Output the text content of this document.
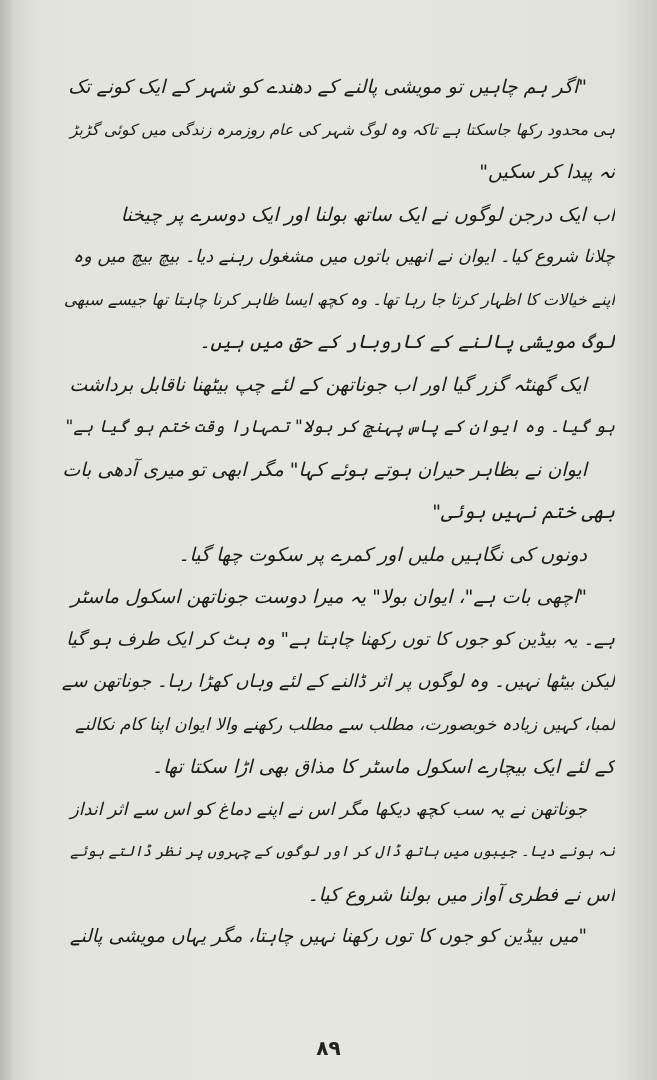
"اگر ہم چاہیں تو مویشی پالنے کے دھندے کو شہر کے ایک کونے تک
ہی محدود رکھا جاسکتا ہے تاکہ وہ لوگ شہر کی عام روزمرہ زندگی میں کوئی گڑبڑ
نہ پیدا کر سکیں"
اب ایک درجن لوگوں نے ایک ساتھ بولنا اور ایک دوسرے پر چیخنا
چلانا شروع کیا۔ ایوان نے انھیں باتوں میں مشغول رہنے دیا۔ بیچ بیچ میں وہ
اپنے خیالات کا اظہار کرتا جا رہا تھا۔ وہ کچھ ایسا ظاہر کرنا چاہتا تھا جیسے سبھی
لوگ مویشی پالنے کے کاروبار کے حق میں ہیں۔
ایک گھنٹہ گزر گیا اور اب جوناتھن کے لئے چپ بیٹھنا ناقابل برداشت
ہو گیا۔ وہ ایوان کے پاس پہنچ کر بولا" تمہارا وقت ختم ہو گیا ہے"
ایوان نے بظاہر حیران ہوتے ہوئے کہا" مگر ابھی تو میری آدھی بات
بھی ختم نہیں ہوئی"
دونوں کی نگاہیں ملیں اور کمرے پر سکوت چھا گیا۔
"اچھی بات ہے"، ایوان بولا" یہ میرا دوست جوناتھن اسکول ماسٹر
ہے۔ یہ بیڈین کو جوں کا توں رکھنا چاہتا ہے" وہ ہٹ کر ایک طرف ہو گیا
لیکن بیٹھا نہیں۔ وہ لوگوں پر اثر ڈالنے کے لئے وہاں کھڑا رہا۔ جوناتھن سے
لمبا، کہیں زیادہ خوبصورت، مطلب سے مطلب رکھنے والا ایوان اپنا کام نکالنے
کے لئے ایک بیچارے اسکول ماسٹر کا مذاق بھی اڑا سکتا تھا۔
جوناتھن نے یہ سب کچھ دیکھا مگر اس نے اپنے دماغ کو اس سے اثر انداز
نہ ہونے دیا۔ جیبوں میں ہاتھ ڈال کر اور لوگوں کے چہروں پر نظر ڈالتے ہوئے
اس نے فطری آواز میں بولنا شروع کیا۔
"میں بیڈین کو جوں کا توں رکھنا نہیں چاہتا، مگر یہاں مویشی پالنے
۸۹
